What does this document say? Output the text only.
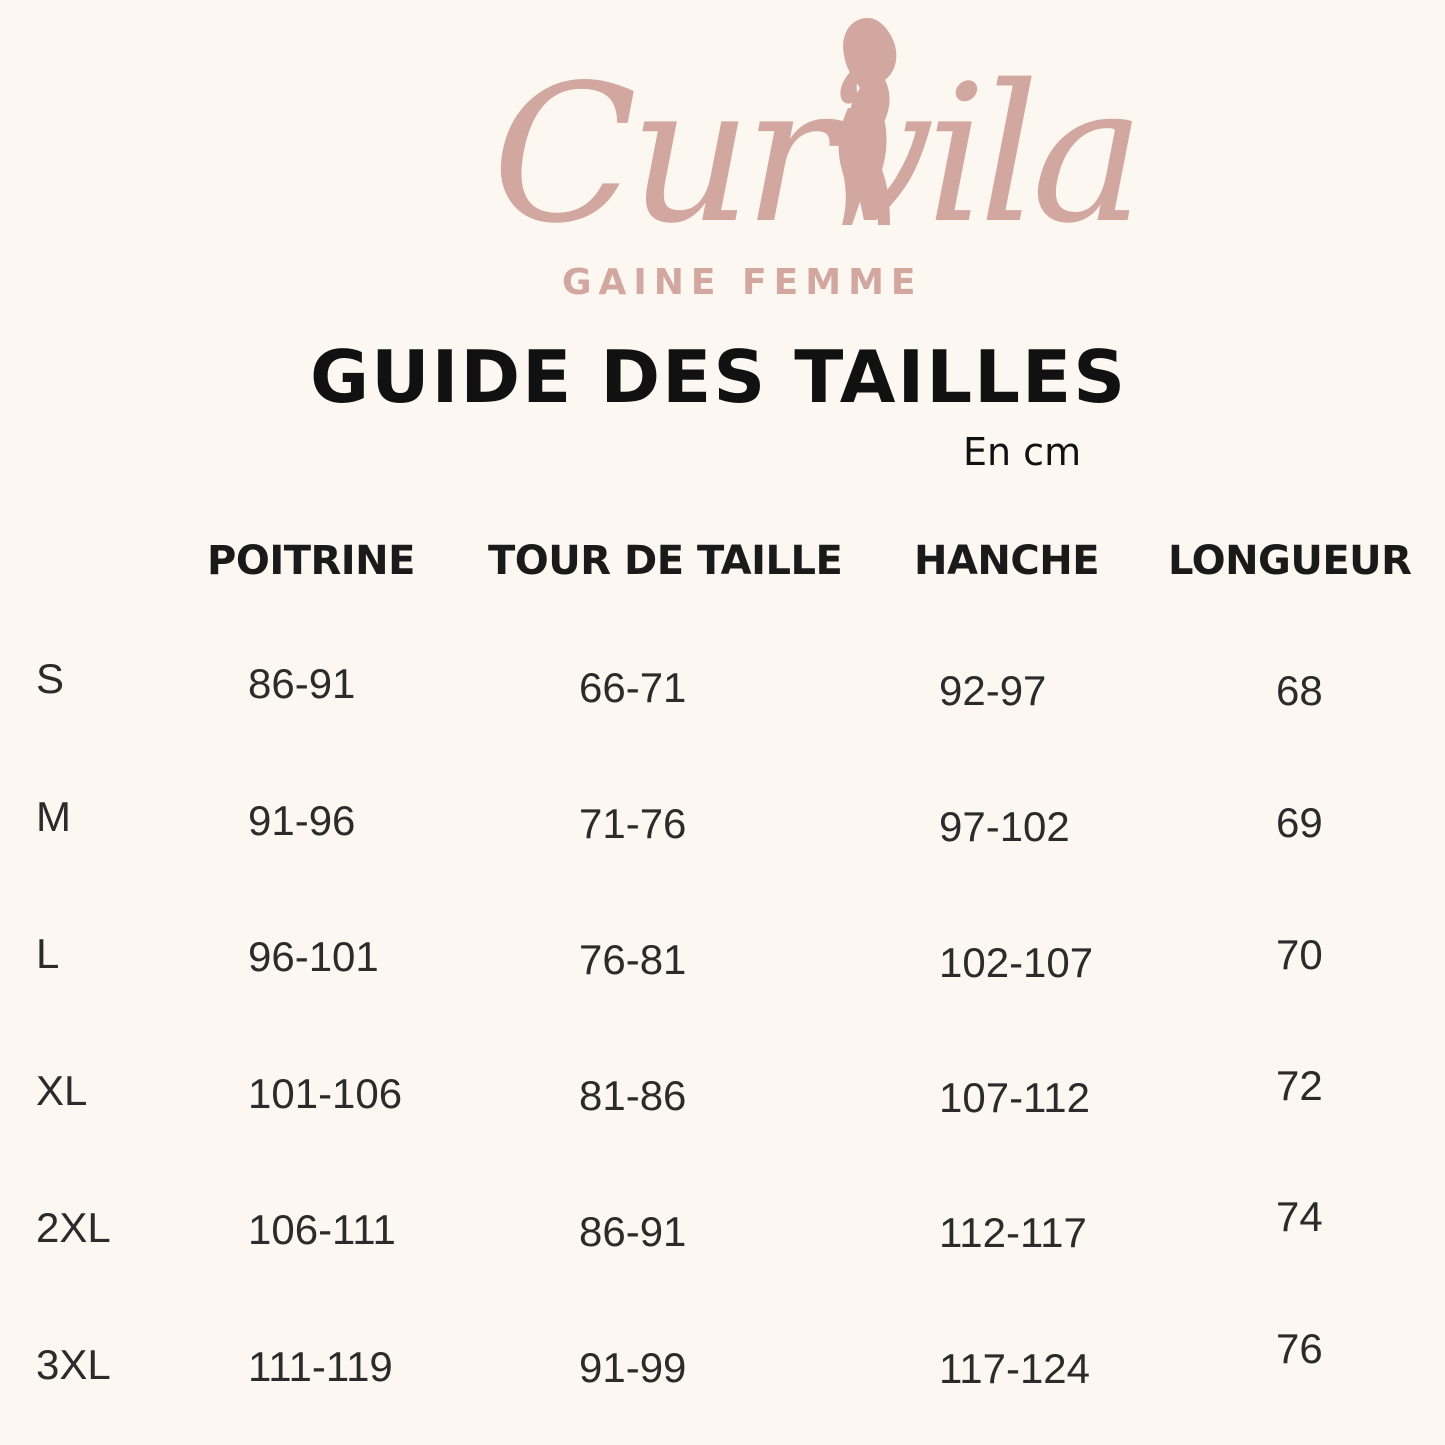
Curvila
GAINE FEMME
GUIDE DES TAILLES
En cm
POITRINE TOUR DE TAILLE HANCHE LONGUEUR
S	86-91	66-71	92-97	68
M	91-96	71-76	97-102	69
L	96-101	76-81	102-107	70
XL	101-106	81-86	107-112	72
2XL	106-111	86-91	112-117	74
3XL	111-119	91-99	117-124	76
